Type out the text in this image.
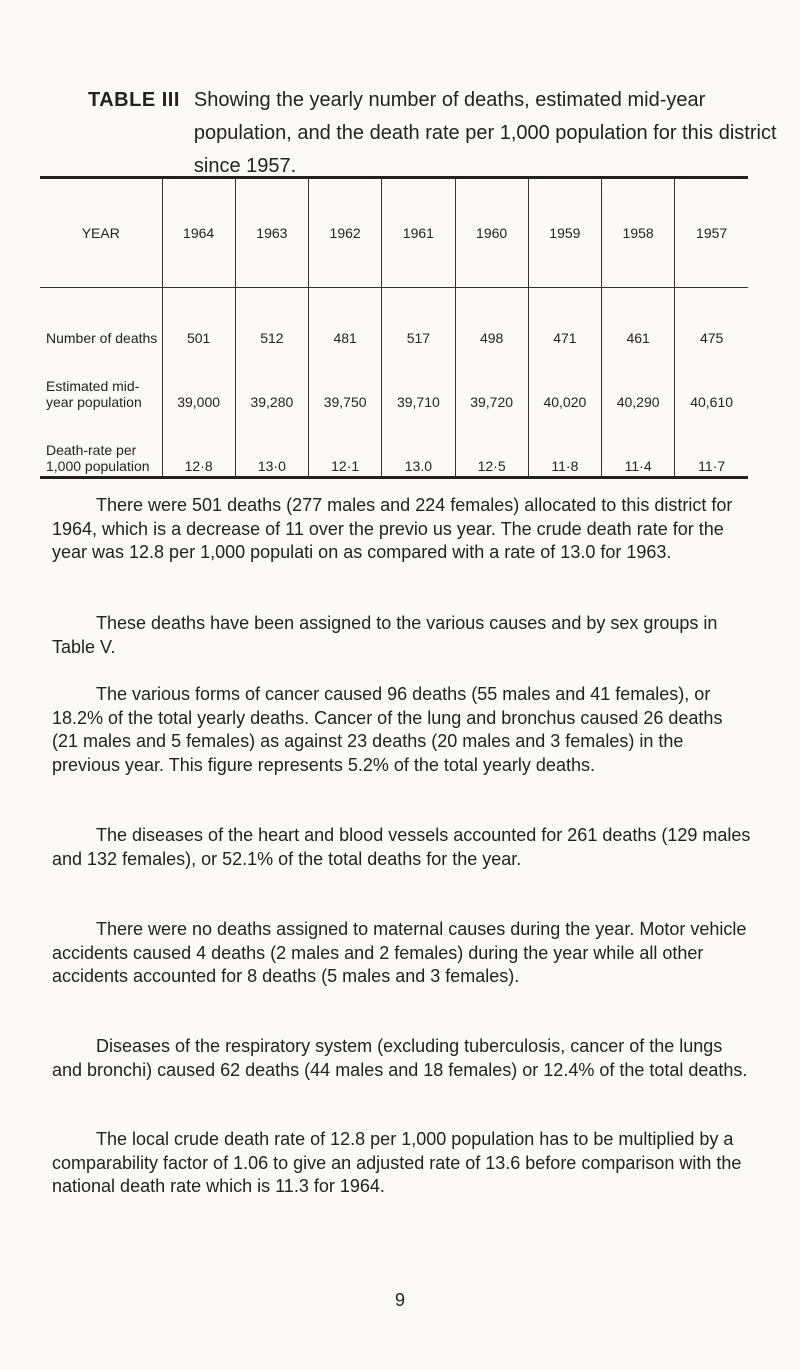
TABLE III Showing the yearly number of deaths, estimated mid-year population, and the death rate per 1,000 population for this district since 1957.
YEAR	1964	1963	1962	1961	1960	1959	1958	1957
Number of deaths	501	512	481	517	498	471	461	475
Estimated mid-year population	39,000	39,280	39,750	39,710	39,720	40,020	40,290	40,610
Death-rate per 1,000 population	12·8	13·0	12·1	13.0	12·5	11·8	11·4	11·7

There were 501 deaths (277 males and 224 females) allocated to this district for 1964, which is a decrease of 11 over the previo us year. The crude death rate for the year was 12.8 per 1,000 populati on as compared with a rate of 13.0 for 1963.

These deaths have been assigned to the various causes and by sex groups in Table V.

The various forms of cancer caused 96 deaths (55 males and 41 females), or 18.2% of the total yearly deaths. Cancer of the lung and bronchus caused 26 deaths (21 males and 5 females) as against 23 deaths (20 males and 3 females) in the previous year. This figure represents 5.2% of the total yearly deaths.

The diseases of the heart and blood vessels accounted for 261 deaths (129 males and 132 females), or 52.1% of the total deaths for the year.

There were no deaths assigned to maternal causes during the year. Motor vehicle accidents caused 4 deaths (2 males and 2 females) during the year while all other accidents accounted for 8 deaths (5 males and 3 females).

Diseases of the respiratory system (excluding tuberculosis, cancer of the lungs and bronchi) caused 62 deaths (44 males and 18 females) or 12.4% of the total deaths.

The local crude death rate of 12.8 per 1,000 population has to be multiplied by a comparability factor of 1.06 to give an adjusted rate of 13.6 before comparison with the national death rate which is 11.3 for 1964.

9
